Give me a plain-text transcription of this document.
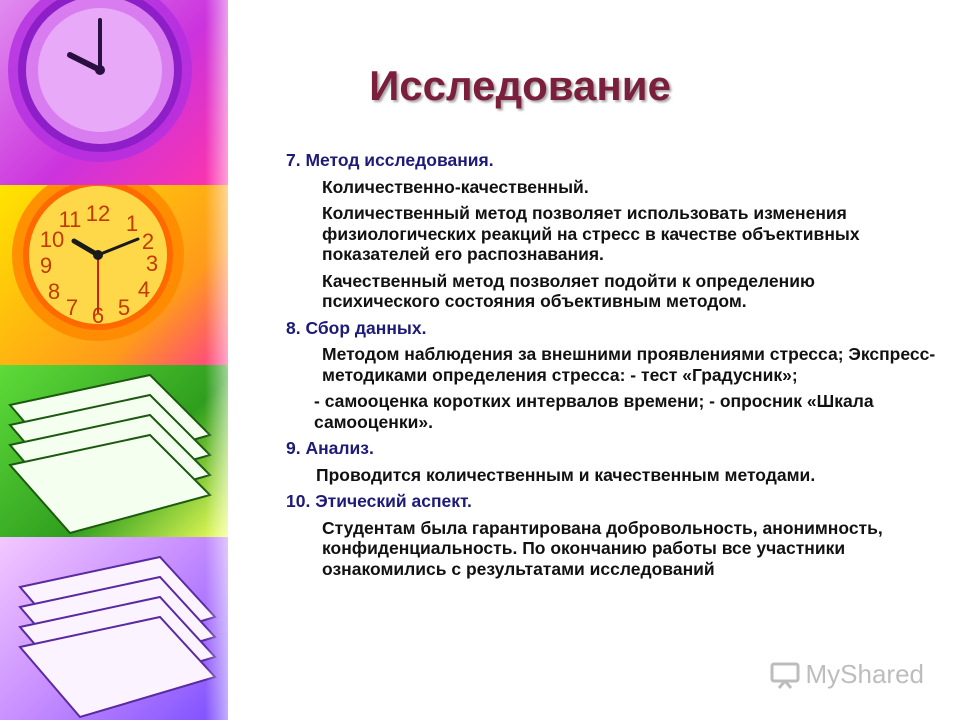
12 1
2
3
4
5
6
7
8
9
10
11
Исследование
7. Метод исследования.
Количественно-качественный.
Количественный метод позволяет использовать изменения физиологических реакций на стресс в качестве объективных показателей его распознавания.
Качественный метод позволяет подойти к определению психического состояния объективным методом.
8. Сбор данных.
Методом наблюдения за внешними проявлениями стресса; Экспресс-методиками определения стресса: - тест «Градусник»;
- самооценка коротких интервалов времени; - опросник «Шкала самооценки».
9. Анализ.
Проводится количественным и качественным методами.
10. Этический аспект.
Студентам была гарантирована добровольность, анонимность, конфиденциальность. По окончанию работы все участники ознакомились с результатами исследований
MyShared
